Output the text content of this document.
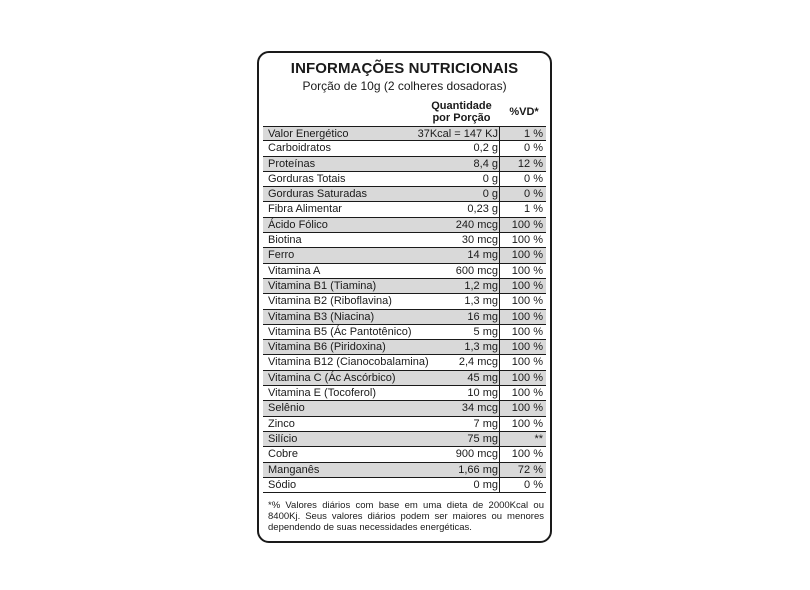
INFORMAÇÕES NUTRICIONAIS
Porção de 10g (2 colheres dosadoras)
Quantidade
por Porção	%VD*
Valor Energético	37Kcal = 147 KJ 1 %
Carboidratos	0,2 g 0 %
Proteínas	8,4 g 12 %
Gorduras Totais	0 g 0 %
Gorduras Saturadas	0 g 0 %
Fibra Alimentar	0,23 g 1 %
Ácido Fólico	240 mcg 100 %
Biotina	30 mcg 100 %
Ferro	14 mg 100 %
Vitamina A	600 mcg 100 %
Vitamina B1 (Tiamina)	1,2 mg 100 %
Vitamina B2 (Riboflavina)	1,3 mg 100 %
Vitamina B3 (Niacina)	16 mg 100 %
Vitamina B5 (Ác Pantotênico)	5 mg 100 %
Vitamina B6 (Piridoxina)	1,3 mg 100 %
Vitamina B12 (Cianocobalamina)	2,4 mcg 100 %
Vitamina C (Ác Ascórbico)	45 mg 100 %
Vitamina E (Tocoferol)	10 mg 100 %
Selênio	34 mcg 100 %
Zinco	7 mg 100 %
Silício	75 mg	**
Cobre	900 mcg 100 %
Manganês	1,66 mg 72 %
Sódio	0 mg 0 %
*% Valores diários com base em uma dieta de 2000Kcal ou 8400Kj. Seus valores diários podem ser maiores ou menores dependendo de suas necessidades energéticas.
